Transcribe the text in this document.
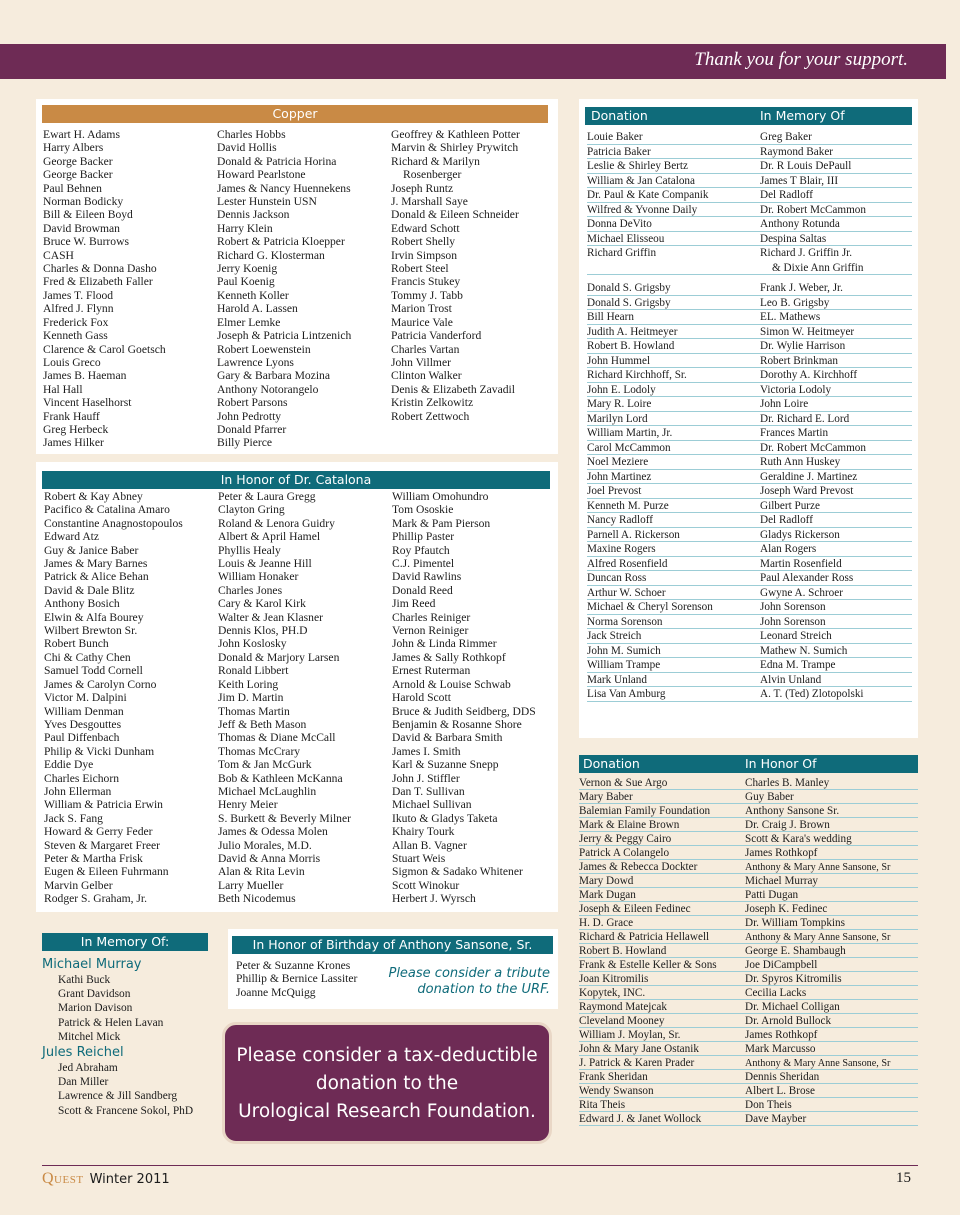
Thank you for your support.
Copper
Ewart H. Adams
Harry Albers
George Backer
George Backer
Paul Behnen
Norman Bodicky
Bill & Eileen Boyd
David Browman
Bruce W. Burrows
CASH
Charles & Donna Dasho
Fred & Elizabeth Faller
James T. Flood
Alfred J. Flynn
Frederick Fox
Kenneth Gass
Clarence & Carol Goetsch
Louis Greco
James B. Haeman
Hal Hall
Vincent Haselhorst
Frank Hauff
Greg Herbeck
James Hilker
Charles Hobbs
David Hollis
Donald & Patricia Horina
Howard Pearlstone
James & Nancy Huennekens
Lester Hunstein USN
Dennis Jackson
Harry Klein
Robert & Patricia Kloepper
Richard G. Klosterman
Jerry Koenig
Paul Koenig
Kenneth Koller
Harold A. Lassen
Elmer Lemke
Joseph & Patricia Lintzenich
Robert Loewenstein
Lawrence Lyons
Gary & Barbara Mozina
Anthony Notorangelo
Robert Parsons
John Pedrotty
Donald Pfarrer
Billy Pierce
Geoffrey & Kathleen Potter
Marvin & Shirley Prywitch
Richard & Marilyn
Rosenberger
Joseph Runtz
J. Marshall Saye
Donald & Eileen Schneider
Edward Schott
Robert Shelly
Irvin Simpson
Robert Steel
Francis Stukey
Tommy J. Tabb
Marion Trost
Maurice Vale
Patricia Vanderford
Charles Vartan
John Villmer
Clinton Walker
Denis & Elizabeth Zavadil
Kristin Zelkowitz
Robert Zettwoch
In Honor of Dr. Catalona
Robert & Kay Abney
Pacifico & Catalina Amaro
Constantine Anagnostopoulos
Edward Atz
Guy & Janice Baber
James & Mary Barnes
Patrick & Alice Behan
David & Dale Blitz
Anthony Bosich
Elwin & Alfa Bourey
Wilbert Brewton Sr.
Robert Bunch
Chi & Cathy Chen
Samuel Todd Cornell
James & Carolyn Corno
Victor M. Dalpini
William Denman
Yves Desgouttes
Paul Diffenbach
Philip & Vicki Dunham
Eddie Dye
Charles Eichorn
John Ellerman
William & Patricia Erwin
Jack S. Fang
Howard & Gerry Feder
Steven & Margaret Freer
Peter & Martha Frisk
Eugen & Eileen Fuhrmann
Marvin Gelber
Rodger S. Graham, Jr.
Peter & Laura Gregg
Clayton Gring
Roland & Lenora Guidry
Albert & April Hamel
Phyllis Healy
Louis & Jeanne Hill
William Honaker
Charles Jones
Cary & Karol Kirk
Walter & Jean Klasner
Dennis Klos, PH.D
John Koslosky
Donald & Marjory Larsen
Ronald Libbert
Keith Loring
Jim D. Martin
Thomas Martin
Jeff & Beth Mason
Thomas & Diane McCall
Thomas McCrary
Tom & Jan McGurk
Bob & Kathleen McKanna
Michael McLaughlin
Henry Meier
S. Burkett & Beverly Milner
James & Odessa Molen
Julio Morales, M.D.
David & Anna Morris
Alan & Rita Levin
Larry Mueller
Beth Nicodemus
William Omohundro
Tom Ososkie
Mark & Pam Pierson
Phillip Paster
Roy Pfautch
C.J. Pimentel
David Rawlins
Donald Reed
Jim Reed
Charles Reiniger
Vernon Reiniger
John & Linda Rimmer
James & Sally Rothkopf
Ernest Ruterman
Arnold & Louise Schwab
Harold Scott
Bruce & Judith Seidberg, DDS
Benjamin & Rosanne Shore
David & Barbara Smith
James I. Smith
Karl & Suzanne Snepp
John J. Stiffler
Dan T. Sullivan
Michael Sullivan
Ikuto & Gladys Taketa
Khairy Tourk
Allan B. Vagner
Stuart Weis
Sigmon & Sadako Whitener
Scott Winokur
Herbert J. Wyrsch
In Memory Of:
Michael Murray
Kathi Buck
Grant Davidson
Marion Davison
Patrick & Helen Lavan
Mitchel Mick
Jules Reichel
Jed Abraham
Dan Miller
Lawrence & Jill Sandberg
Scott & Francene Sokol, PhD
In Honor of Birthday of Anthony Sansone, Sr.
Peter & Suzanne Krones
Phillip & Bernice Lassiter
Joanne McQuigg
Please consider a tribute
donation to the URF.
Please consider a tax-deductible
donation to the
Urological Research Foundation.
Donation	In Memory Of
Louie Baker	Greg Baker
Patricia Baker	Raymond Baker
Leslie & Shirley Bertz	Dr. R Louis DePaull
William & Jan Catalona	James T Blair, III
Dr. Paul & Kate Companik	Del Radloff
Wilfred & Yvonne Daily	Dr. Robert McCammon
Donna DeVito	Anthony Rotunda
Michael Elisseou	Despina Saltas
Richard Griffin	Richard J. Griffin Jr.
& Dixie Ann Griffin
Donald S. Grigsby	Frank J. Weber, Jr.
Donald S. Grigsby	Leo B. Grigsby
Bill Hearn	EL. Mathews
Judith A. Heitmeyer	Simon W. Heitmeyer
Robert B. Howland	Dr. Wylie Harrison
John Hummel	Robert Brinkman
Richard Kirchhoff, Sr.	Dorothy A. Kirchhoff
John E. Lodoly	Victoria Lodoly
Mary R. Loire	John Loire
Marilyn Lord	Dr. Richard E. Lord
William Martin, Jr.	Frances Martin
Carol McCammon	Dr. Robert McCammon
Noel Meziere	Ruth Ann Huskey
John Martinez	Geraldine J. Martinez
Joel Prevost	Joseph Ward Prevost
Kenneth M. Purze	Gilbert Purze
Nancy Radloff	Del Radloff
Parnell A. Rickerson	Gladys Rickerson
Maxine Rogers	Alan Rogers
Alfred Rosenfield	Martin Rosenfield
Duncan Ross	Paul Alexander Ross
Arthur W. Schoer	Gwyne A. Schroer
Michael & Cheryl Sorenson	John Sorenson
Norma Sorenson	John Sorenson
Jack Streich	Leonard Streich
John M. Sumich	Mathew N. Sumich
William Trampe	Edna M. Trampe
Mark Unland	Alvin Unland
Lisa Van Amburg	A. T. (Ted) Zlotopolski
Donation	In Honor Of
Vernon & Sue Argo	Charles B. Manley
Mary Baber	Guy Baber
Balemian Family Foundation	Anthony Sansone Sr.
Mark & Elaine Brown	Dr. Craig J. Brown
Jerry & Peggy Cairo	Scott & Kara's wedding
Patrick A Colangelo	James Rothkopf
James & Rebecca Dockter	Anthony & Mary Anne Sansone, Sr
Mary Dowd	Michael Murray
Mark Dugan	Patti Dugan
Joseph & Eileen Fedinec	Joseph K. Fedinec
H. D. Grace	Dr. William Tompkins
Richard & Patricia Hellawell	Anthony & Mary Anne Sansone, Sr
Robert B. Howland	George E. Shambaugh
Frank & Estelle Keller & Sons	Joe DiCampbell
Joan Kitromilis	Dr. Spyros Kitromilis
Kopytek, INC.	Cecilia Lacks
Raymond Matejcak	Dr. Michael Colligan
Cleveland Mooney	Dr. Arnold Bullock
William J. Moylan, Sr.	James Rothkopf
John & Mary Jane Ostanik	Mark Marcusso
J. Patrick & Karen Prader	Anthony & Mary Anne Sansone, Sr
Frank Sheridan	Dennis Sheridan
Wendy Swanson	Albert L. Brose
Rita Theis	Don Theis
Edward J. & Janet Wollock	Dave Mayber
Quest Winter 2011	15
